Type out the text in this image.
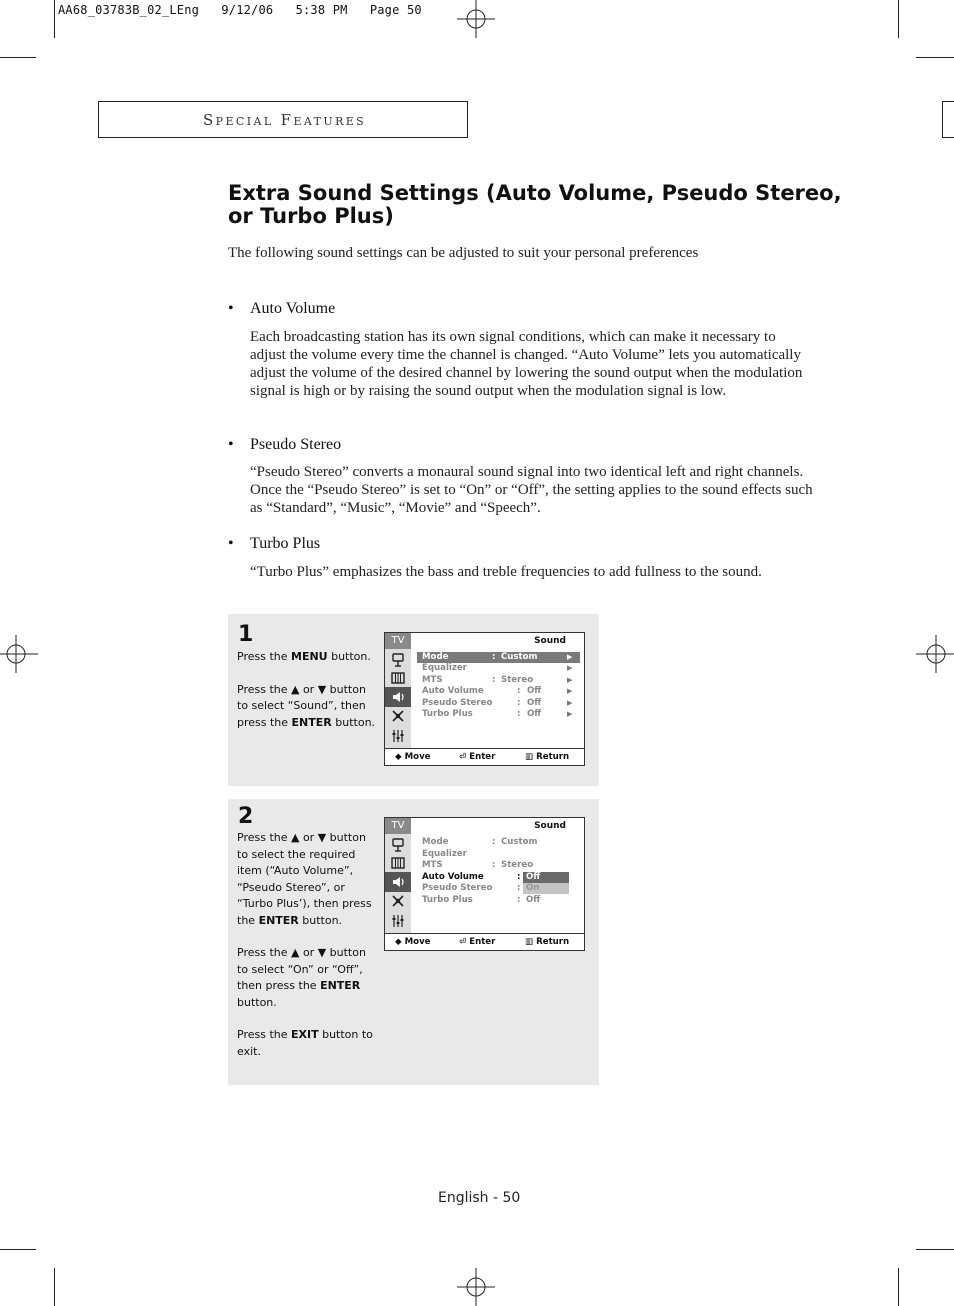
AA68_03783B_02_LEng   9/12/06   5:38 PM   Page 50
Special Features
Extra Sound Settings (Auto Volume, Pseudo Stereo, or Turbo Plus)
The following sound settings can be adjusted to suit your personal preferences
• Auto Volume
Each broadcasting station has its own signal conditions, which can make it necessary to adjust the volume every time the channel is changed. “Auto Volume” lets you automatically adjust the volume of the desired channel by lowering the sound output when the modulation signal is high or by raising the sound output when the modulation signal is low.
• Pseudo Stereo
“Pseudo Stereo” converts a monaural sound signal into two identical left and right channels. Once the “Pseudo Stereo” is set to “On” or “Off”, the setting applies to the sound effects such as “Standard”, “Music”, “Movie” and “Speech”.
• Turbo Plus
“Turbo Plus” emphasizes the bass and treble frequencies to add fullness to the sound.
1

Press the MENU button.

Press the ▲ or ▼ button to select “Sound”, then press the ENTER button.

TV	Sound
Mode	: Custom	▶
Equalizer	▶
MTS	: Stereo	▶
Auto Volume	: Off	▶
Pseudo Stereo	: Off	▶
Turbo Plus	: Off	▶
◆ Move	⏎ Enter	▥ Return
2

Press the ▲ or ▼ button to select the required item (“Auto Volume”, “Pseudo Stereo”, or “Turbo Plus’), then press the ENTER button.

Press the ▲ or ▼ button to select “On” or “Off”, then press the ENTER button.

Press the EXIT button to exit.

TV	Sound
Mode	: Custom
Equalizer
MTS	: Stereo
Auto Volume	: Off
Pseudo Stereo	: On
Turbo Plus	: Off
◆ Move	⏎ Enter	▥ Return
English - 50
